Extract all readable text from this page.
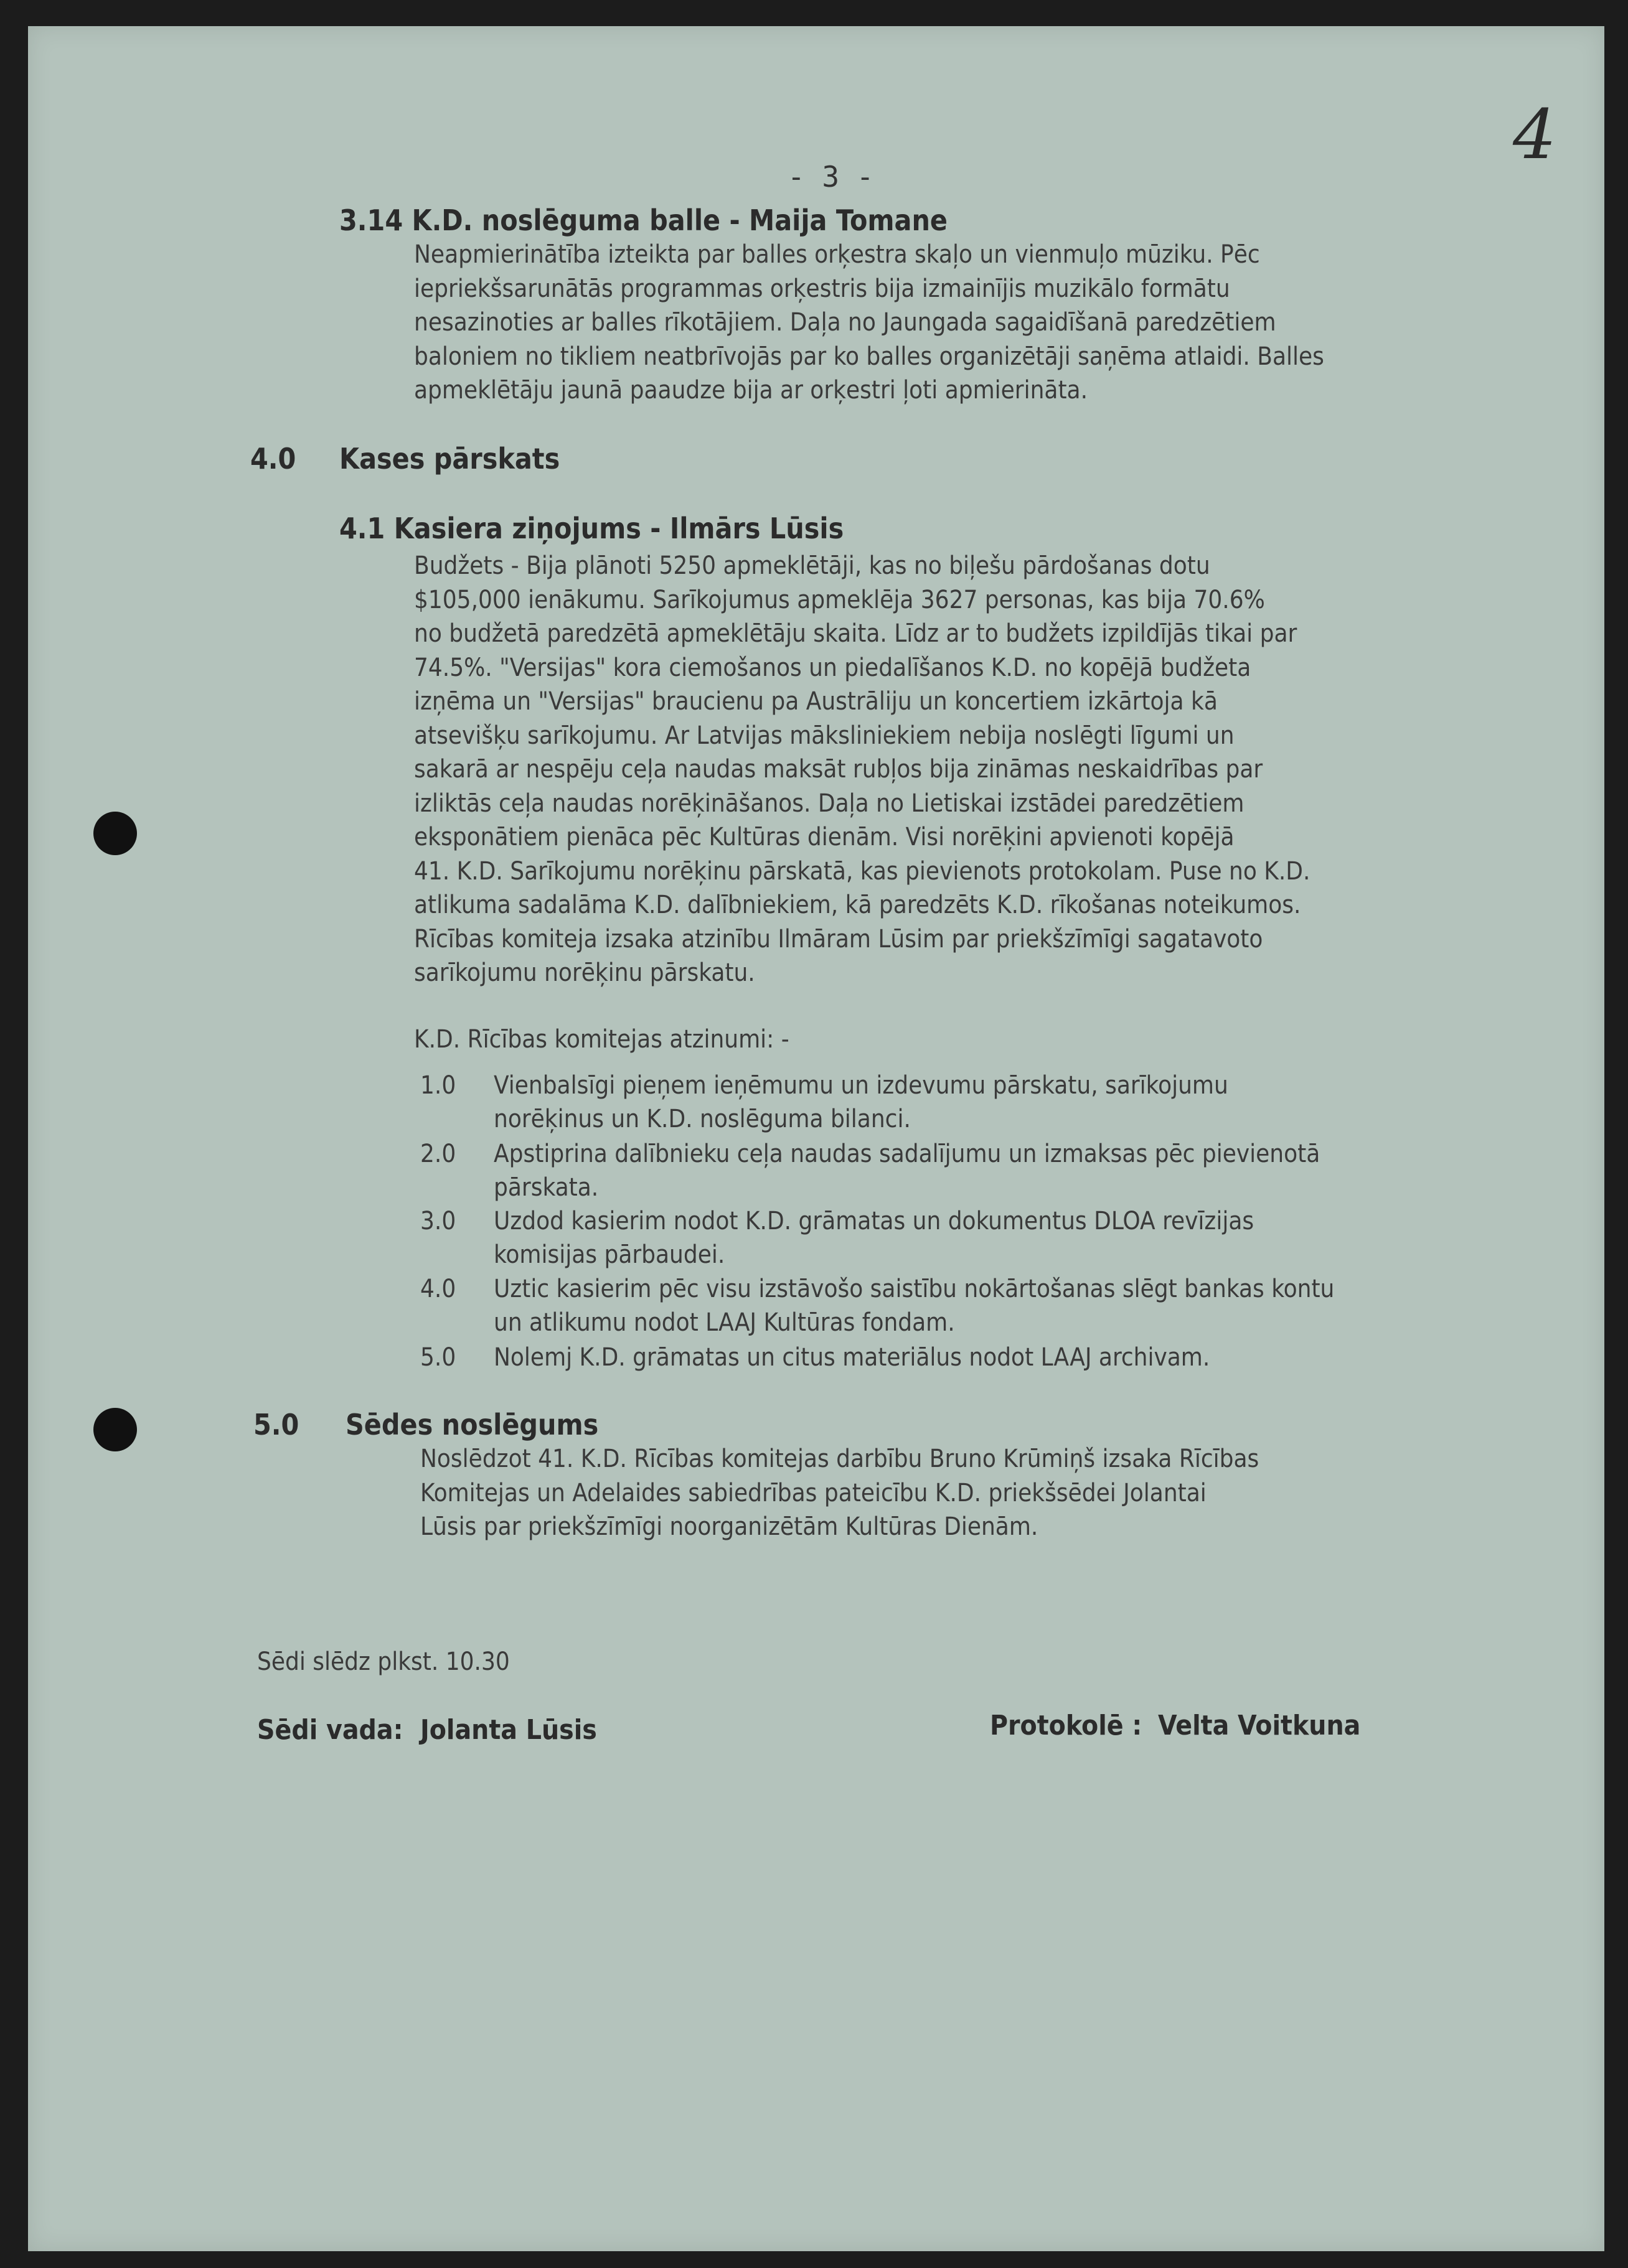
4
- 3 -
3.14 K.D. noslēguma balle - Maija Tomane
Neapmierinātība izteikta par balles orķestra skaļo un vienmuļo mūziku. Pēc
iepriekšsarunātās programmas orķestris bija izmainījis muzikālo formātu
nesazinoties ar balles rīkotājiem. Daļa no Jaungada sagaidīšanā paredzētiem
baloniem no tikliem neatbrīvojās par ko balles organizētāji saņēma atlaidi. Balles
apmeklētāju jaunā paaudze bija ar orķestri ļoti apmierināta.
4.0 Kases pārskats
4.1 Kasiera ziņojums - Ilmārs Lūsis
Budžets - Bija plānoti 5250 apmeklētāji, kas no biļešu pārdošanas dotu
$105,000 ienākumu. Sarīkojumus apmeklēja 3627 personas, kas bija 70.6%
no budžetā paredzētā apmeklētāju skaita. Līdz ar to budžets izpildījās tikai par
74.5%. "Versijas" kora ciemošanos un piedalīšanos K.D. no kopējā budžeta
izņēma un "Versijas" braucienu pa Austrāliju un koncertiem izkārtoja kā
atsevišķu sarīkojumu. Ar Latvijas māksliniekiem nebija noslēgti līgumi un
sakarā ar nespēju ceļa naudas maksāt rubļos bija zināmas neskaidrības par
izliktās ceļa naudas norēķināšanos. Daļa no Lietiskai izstādei paredzētiem
eksponātiem pienāca pēc Kultūras dienām. Visi norēķini apvienoti kopējā
41. K.D. Sarīkojumu norēķinu pārskatā, kas pievienots protokolam. Puse no K.D.
atlikuma sadalāma K.D. dalībniekiem, kā paredzēts K.D. rīkošanas noteikumos.
Rīcības komiteja izsaka atzinību Ilmāram Lūsim par priekšzīmīgi sagatavoto
sarīkojumu norēķinu pārskatu.
K.D. Rīcības komitejas atzinumi: -
1.0 Vienbalsīgi pieņem ieņēmumu un izdevumu pārskatu, sarīkojumu
norēķinus un K.D. noslēguma bilanci.
2.0 Apstiprina dalībnieku ceļa naudas sadalījumu un izmaksas pēc pievienotā
pārskata.
3.0 Uzdod kasierim nodot K.D. grāmatas un dokumentus DLOA revīzijas
komisijas pārbaudei.
4.0 Uztic kasierim pēc visu izstāvošo saistību nokārtošanas slēgt bankas kontu
un atlikumu nodot LAAJ Kultūras fondam.
5.0 Nolemj K.D. grāmatas un citus materiālus nodot LAAJ archivam.
5.0 Sēdes noslēgums
Noslēdzot 41. K.D. Rīcības komitejas darbību Bruno Krūmiņš izsaka Rīcības
Komitejas un Adelaides sabiedrības pateicību K.D. priekšsēdei Jolantai
Lūsis par priekšzīmīgi noorganizētām Kultūras Dienām.
Sēdi slēdz plkst. 10.30
Sēdi vada: Jolanta Lūsis	Protokolē : Velta Voitkuna
